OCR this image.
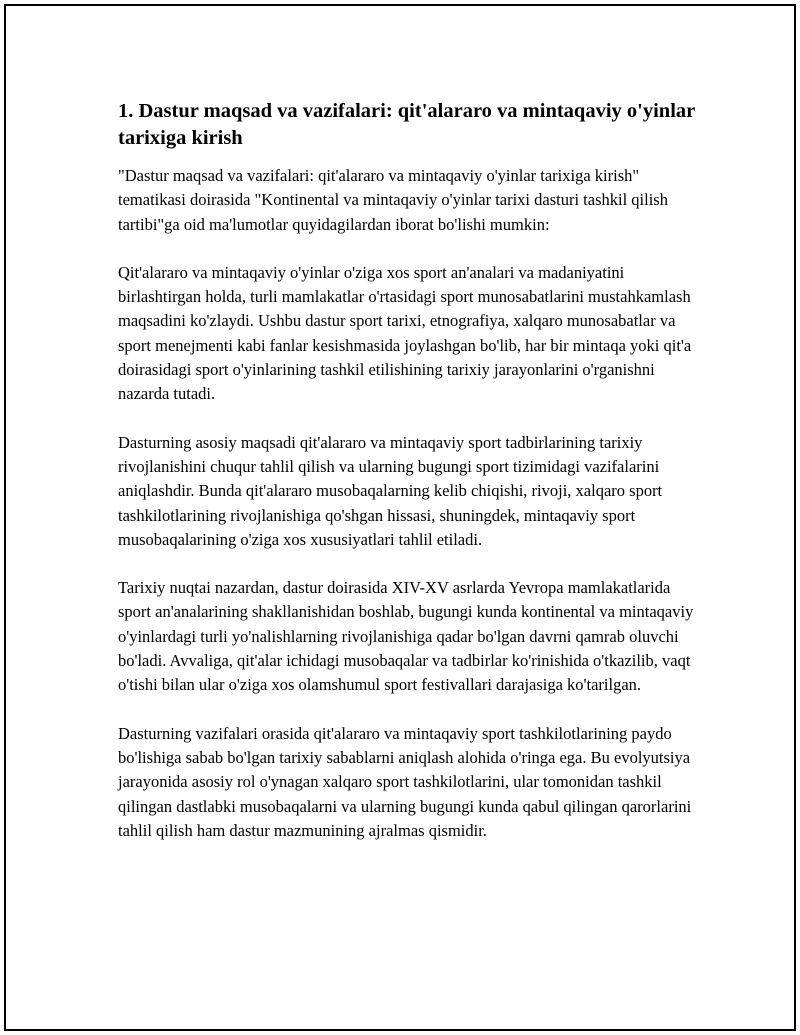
1. Dastur maqsad va vazifalari: qit'alararo va mintaqaviy o'yinlar tarixiga kirish

"Dastur maqsad va vazifalari: qit'alararo va mintaqaviy o'yinlar tarixiga kirish" tematikasi doirasida "Kontinental va mintaqaviy o'yinlar tarixi dasturi tashkil qilish tartibi"ga oid ma'lumotlar quyidagilardan iborat bo'lishi mumkin:

Qit'alararo va mintaqaviy o'yinlar o'ziga xos sport an'analari va madaniyatini birlashtirgan holda, turli mamlakatlar o'rtasidagi sport munosabatlarini mustahkamlash maqsadini ko'zlaydi. Ushbu dastur sport tarixi, etnografiya, xalqaro munosabatlar va sport menejmenti kabi fanlar kesishmasida joylashgan bo'lib, har bir mintaqa yoki qit'a doirasidagi sport o'yinlarining tashkil etilishining tarixiy jarayonlarini o'rganishni nazarda tutadi.

Dasturning asosiy maqsadi qit'alararo va mintaqaviy sport tadbirlarining tarixiy rivojlanishini chuqur tahlil qilish va ularning bugungi sport tizimidagi vazifalarini aniqlashdir. Bunda qit'alararo musobaqalarning kelib chiqishi, rivoji, xalqaro sport tashkilotlarining rivojlanishiga qo'shgan hissasi, shuningdek, mintaqaviy sport musobaqalarining o'ziga xos xususiyatlari tahlil etiladi.

Tarixiy nuqtai nazardan, dastur doirasida XIV-XV asrlarda Yevropa mamlakatlarida sport an'analarining shakllanishidan boshlab, bugungi kunda kontinental va mintaqaviy o'yinlardagi turli yo'nalishlarning rivojlanishiga qadar bo'lgan davrni qamrab oluvchi bo'ladi. Avvaliga, qit'alar ichidagi musobaqalar va tadbirlar ko'rinishida o'tkazilib, vaqt o'tishi bilan ular o'ziga xos olamshumul sport festivallari darajasiga ko'tarilgan.

Dasturning vazifalari orasida qit'alararo va mintaqaviy sport tashkilotlarining paydo bo'lishiga sabab bo'lgan tarixiy sabablarni aniqlash alohida o'ringa ega. Bu evolyutsiya jarayonida asosiy rol o'ynagan xalqaro sport tashkilotlarini, ular tomonidan tashkil qilingan dastlabki musobaqalarni va ularning bugungi kunda qabul qilingan qarorlarini tahlil qilish ham dastur mazmunining ajralmas qismidir.
